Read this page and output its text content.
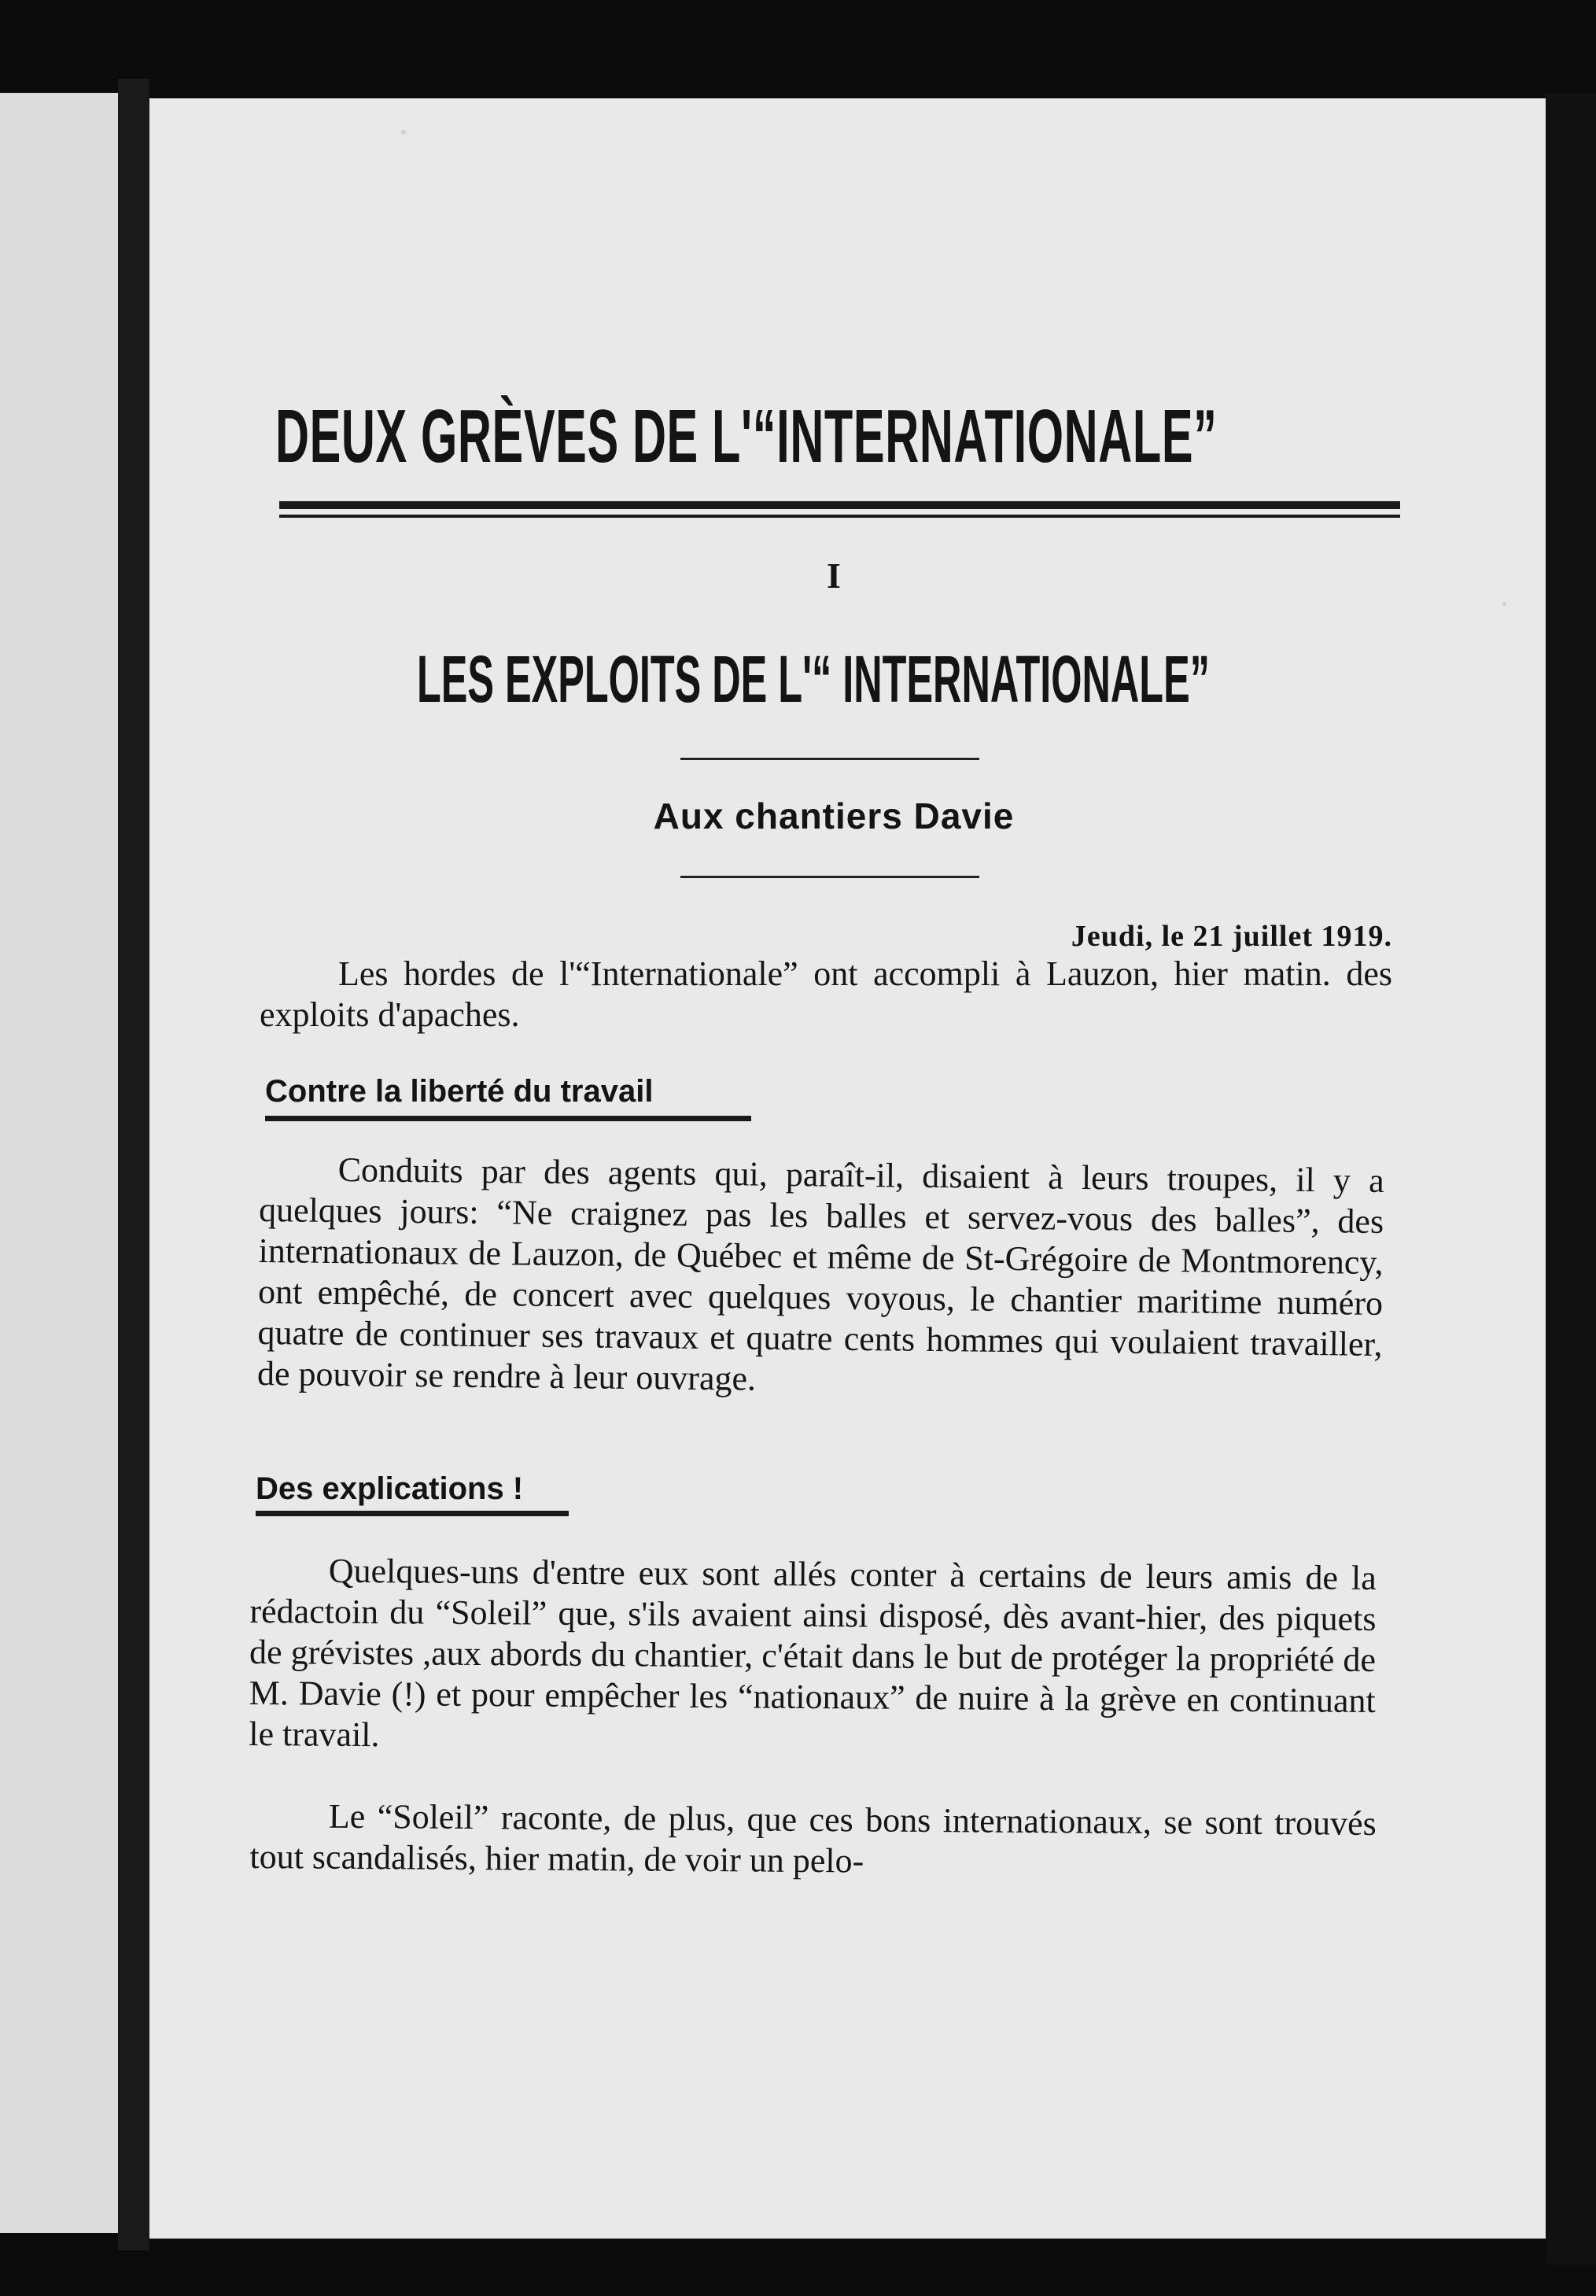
DEUX GRÈVES DE L'“INTERNATIONALE”
I
LES EXPLOITS DE L'“ INTERNATIONALE”
Aux chantiers Davie
Jeudi, le 21 juillet 1919.

Les hordes de l'“Internationale” ont accompli à Lauzon, hier matin. des exploits d'apaches.

Contre la liberté du travail

Conduits par des agents qui, paraît-il, disaient à leurs troupes, il y a quelques jours: “Ne craignez pas les balles et servez-vous des balles”, des internationaux de Lauzon, de Québec et même de St-Grégoire de Montmorency, ont empêché, de concert avec quelques voyous, le chantier maritime numéro quatre de continuer ses travaux et quatre cents hommes qui voulaient travailler, de pouvoir se rendre à leur ouvrage.

Des explications !

Quelques-uns d'entre eux sont allés conter à certains de leurs amis de la rédactoin du “Soleil” que, s'ils avaient ainsi disposé, dès avant-hier, des piquets de grévistes ,aux abords du chantier, c'était dans le but de protéger la propriété de M. Davie (!) et pour empêcher les “nationaux” de nuire à la grève en continuant le travail.

Le “Soleil” raconte, de plus, que ces bons internationaux, se sont trouvés tout scandalisés, hier matin, de voir un pelo-
